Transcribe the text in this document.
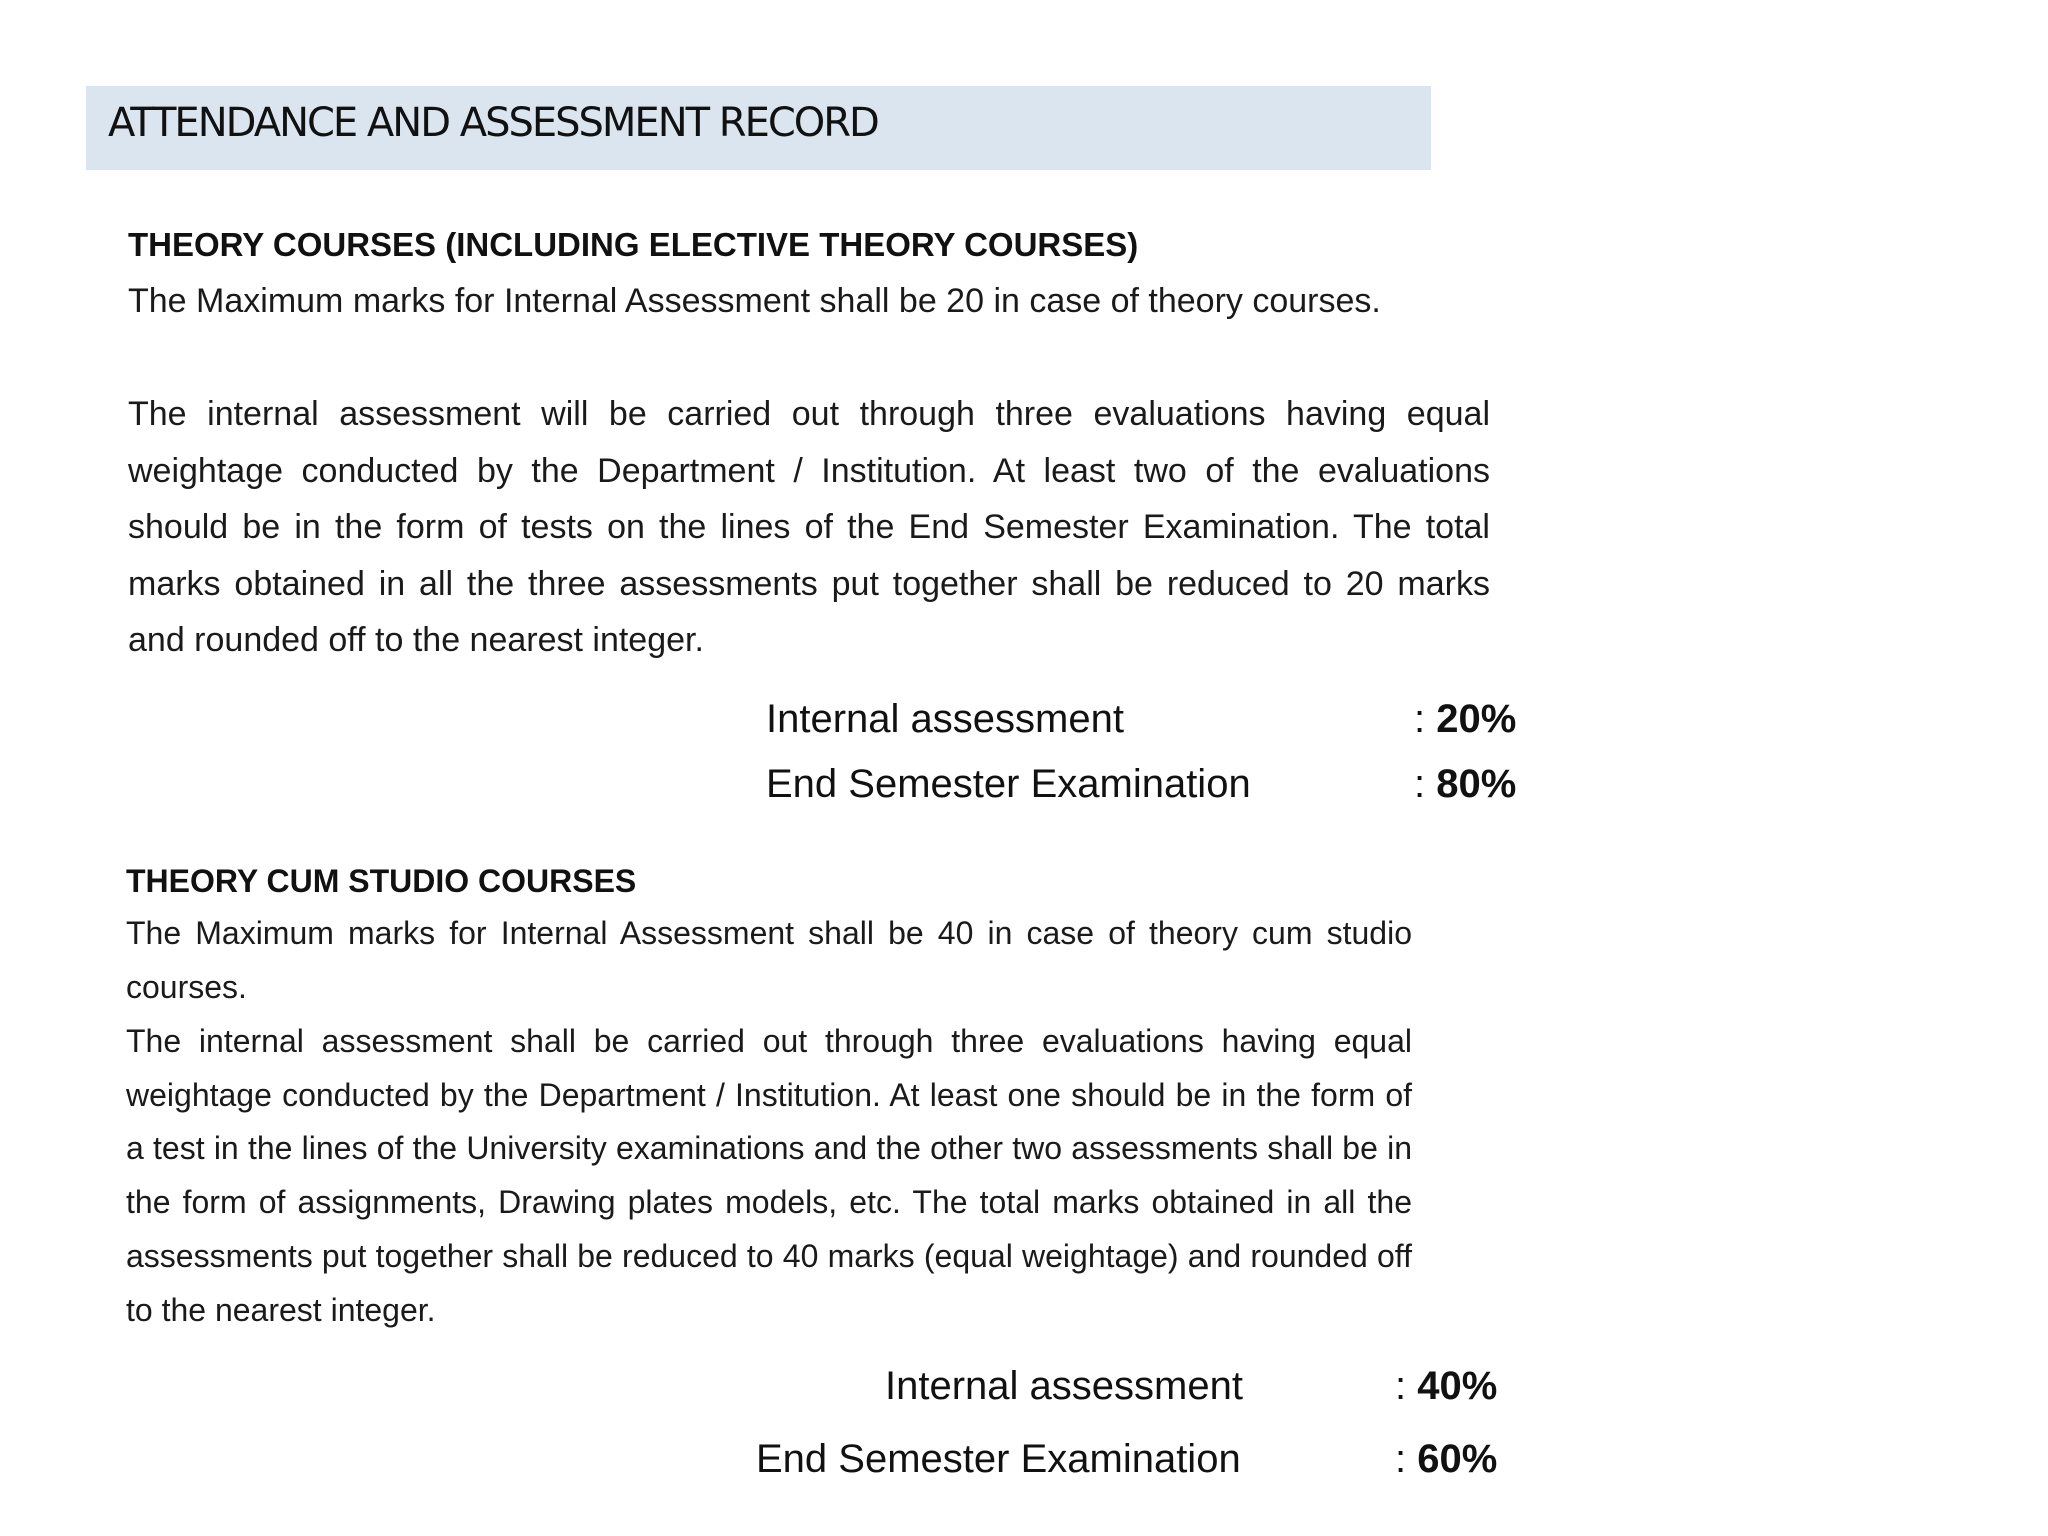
ATTENDANCE AND ASSESSMENT RECORD
THEORY COURSES (INCLUDING ELECTIVE THEORY COURSES)

The Maximum marks for Internal Assessment shall be 20 in case of theory courses.

The internal assessment will be carried out through three evaluations having equal weightage conducted by the Department / Institution. At least two of the evaluations should be in the form of tests on the lines of the End Semester Examination. The total marks obtained in all the three assessments put together shall be reduced to 20 marks and rounded off to the nearest integer.

Internal assessment	: 20%
End Semester Examination	: 80%
THEORY CUM STUDIO COURSES

The Maximum marks for Internal Assessment shall be 40 in case of theory cum studio courses.

The internal assessment shall be carried out through three evaluations having equal weightage conducted by the Department / Institution. At least one should be in the form of a test in the lines of the University examinations and the other two assessments shall be in the form of assignments, Drawing plates models, etc. The total marks obtained in all the assessments put together shall be reduced to 40 marks (equal weightage) and rounded off to the nearest integer.

Internal assessment	: 40%
End Semester Examination	: 60%
